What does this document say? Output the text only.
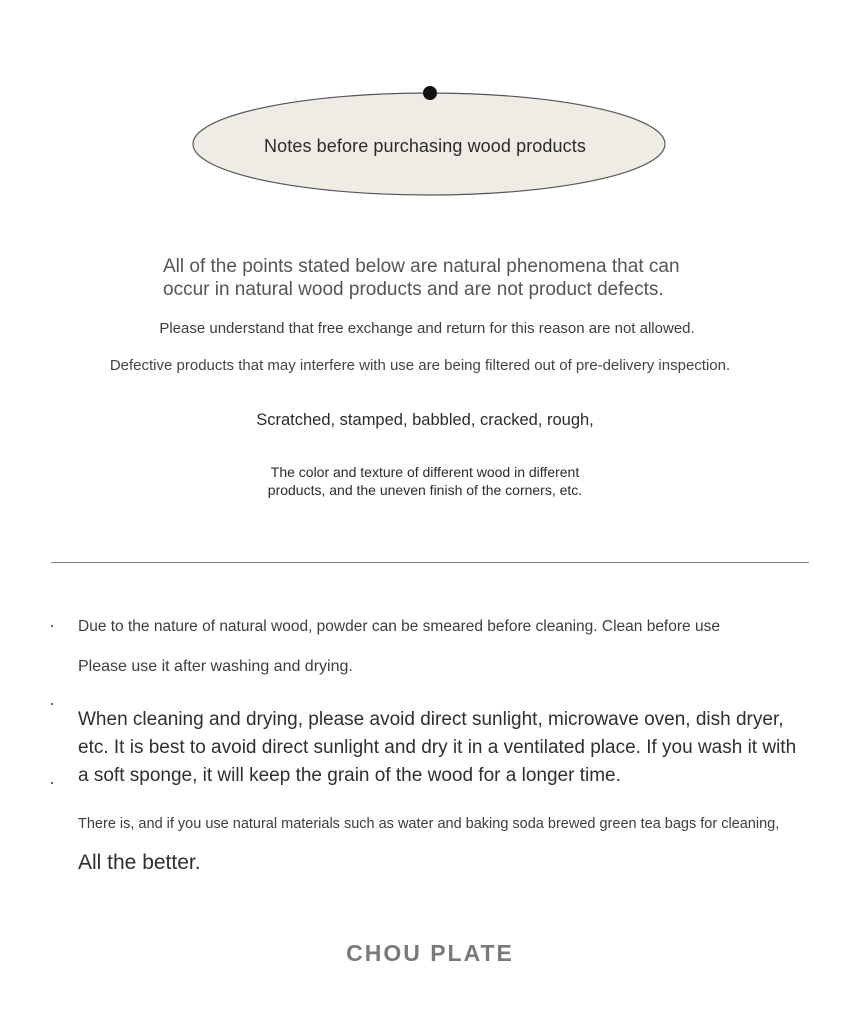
Notes before purchasing wood products
All of the points stated below are natural phenomena that can
occur in natural wood products and are not product defects.
Please understand that free exchange and return for this reason are not allowed.
Defective products that may interfere with use are being filtered out of pre-delivery inspection.
Scratched, stamped, babbled, cracked, rough,
The color and texture of different wood in different
products, and the uneven finish of the corners, etc.
Due to the nature of natural wood, powder can be smeared before cleaning. Clean before use
Please use it after washing and drying.
When cleaning and drying, please avoid direct sunlight, microwave oven, dish dryer, etc. It is best to avoid direct sunlight and dry it in a ventilated place. If you wash it with a soft sponge, it will keep the grain of the wood for a longer time.
There is, and if you use natural materials such as water and baking soda brewed green tea bags for cleaning,
All the better.
CHOU PLATE
